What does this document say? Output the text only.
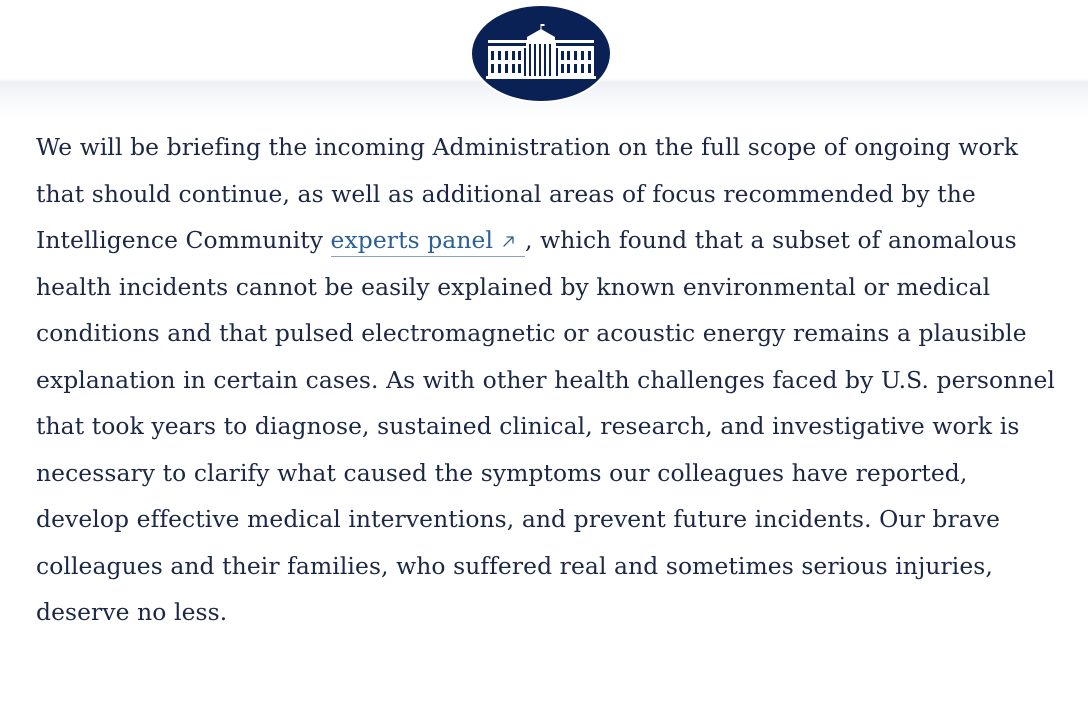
We will be briefing the incoming Administration on the full scope of ongoing work that should continue, as well as additional areas of focus recommended by the Intelligence Community experts panel , which found that a subset of anomalous health incidents cannot be easily explained by known environmental or medical conditions and that pulsed electromagnetic or acoustic energy remains a plausible explanation in certain cases. As with other health challenges faced by U.S. personnel that took years to diagnose, sustained clinical, research, and investigative work is necessary to clarify what caused the symptoms our colleagues have reported, develop effective medical interventions, and prevent future incidents. Our brave colleagues and their families, who suffered real and sometimes serious injuries, deserve no less.
